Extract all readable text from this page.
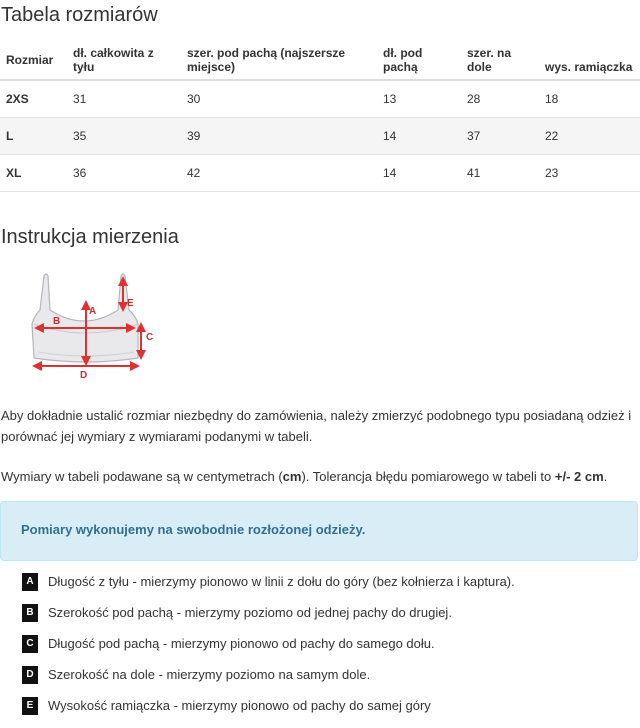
Tabela rozmiarów
Rozmiar	dł. całkowita z tyłu	szer. pod pachą (najszersze miejsce)	dł. pod pachą	szer. na dole	wys. ramiączka
2XS	31	30	13	28	18
L	35	39	14	37	22
XL	36	42	14	41	23
Instrukcja mierzenia
A
B
C
D
E

Aby dokładnie ustalić rozmiar niezbędny do zamówienia, należy zmierzyć podobnego typu posiadaną odzież i porównać jej wymiary z wymiarami podanymi w tabeli.

Wymiary w tabeli podawane są w centymetrach (cm). Tolerancja błędu pomiarowego w tabeli to +/- 2 cm.

Pomiary wykonujemy na swobodnie rozłożonej odzieży.
A	Długość z tyłu - mierzymy pionowo w linii z dołu do góry (bez kołnierza i kaptura).
B	Szerokość pod pachą - mierzymy poziomo od jednej pachy do drugiej.
C	Długość pod pachą - mierzymy pionowo od pachy do samego dołu.
D	Szerokość na dole - mierzymy poziomo na samym dole.
E	Wysokość ramiączka - mierzymy pionowo od pachy do samej góry
